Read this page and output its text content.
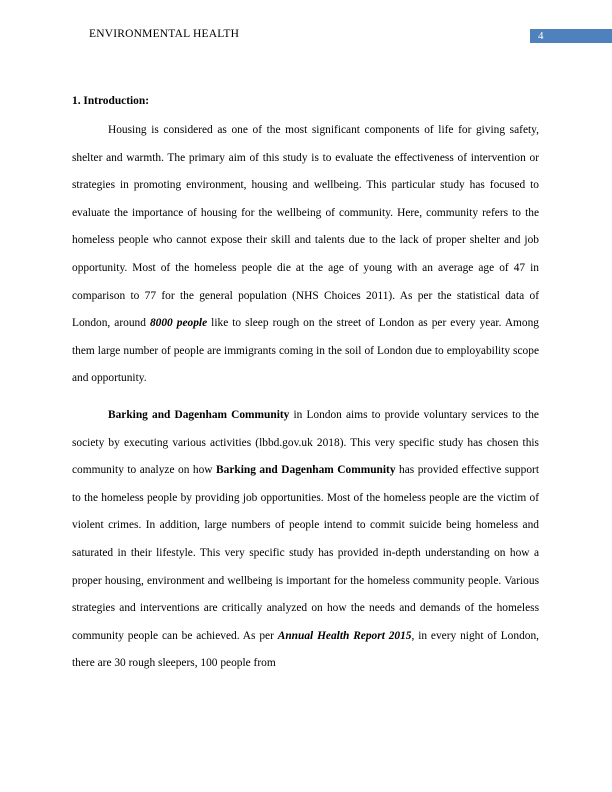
ENVIRONMENTAL HEALTH	4
1. Introduction:

Housing is considered as one of the most significant components of life for giving safety, shelter and warmth. The primary aim of this study is to evaluate the effectiveness of intervention or strategies in promoting environment, housing and wellbeing. This particular study has focused to evaluate the importance of housing for the wellbeing of community. Here, community refers to the homeless people who cannot expose their skill and talents due to the lack of proper shelter and job opportunity. Most of the homeless people die at the age of young with an average age of 47 in comparison to 77 for the general population (NHS Choices 2011). As per the statistical data of London, around 8000 people like to sleep rough on the street of London as per every year. Among them large number of people are immigrants coming in the soil of London due to employability scope and opportunity.

Barking and Dagenham Community in London aims to provide voluntary services to the society by executing various activities (lbbd.gov.uk 2018). This very specific study has chosen this community to analyze on how Barking and Dagenham Community has provided effective support to the homeless people by providing job opportunities. Most of the homeless people are the victim of violent crimes. In addition, large numbers of people intend to commit suicide being homeless and saturated in their lifestyle. This very specific study has provided in-depth understanding on how a proper housing, environment and wellbeing is important for the homeless community people. Various strategies and interventions are critically analyzed on how the needs and demands of the homeless community people can be achieved. As per Annual Health Report 2015, in every night of London, there are 30 rough sleepers, 100 people from
